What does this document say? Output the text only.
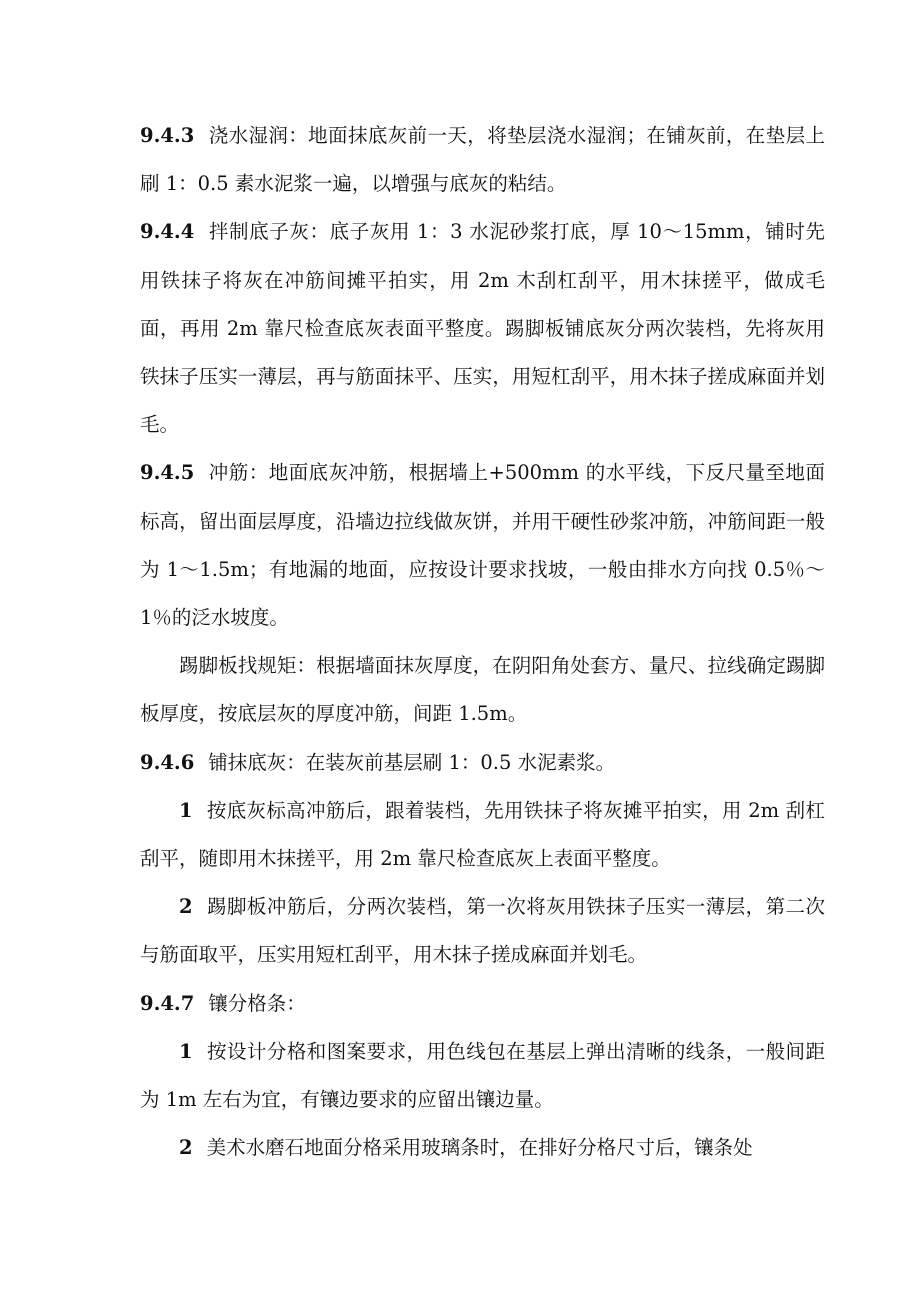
9.4.3 浇水湿润：地面抹底灰前一天，将垫层浇水湿润；在铺灰前，在垫层上刷 1：0.5 素水泥浆一遍，以增强与底灰的粘结。

9.4.4 拌制底子灰：底子灰用 1：3 水泥砂浆打底，厚 10～15mm，铺时先用铁抹子将灰在冲筋间摊平拍实，用 2m 木刮杠刮平，用木抹搓平，做成毛面，再用 2m 靠尺检查底灰表面平整度。踢脚板铺底灰分两次装档，先将灰用铁抹子压实一薄层，再与筋面抹平、压实，用短杠刮平，用木抹子搓成麻面并划毛。

9.4.5 冲筋：地面底灰冲筋，根据墙上+500mm 的水平线，下反尺量至地面标高，留出面层厚度，沿墙边拉线做灰饼，并用干硬性砂浆冲筋，冲筋间距一般为 1～1.5m；有地漏的地面，应按设计要求找坡，一般由排水方向找 0.5％～1％的泛水坡度。

踢脚板找规矩：根据墙面抹灰厚度，在阴阳角处套方、量尺、拉线确定踢脚板厚度，按底层灰的厚度冲筋，间距 1.5m。

9.4.6 铺抹底灰：在装灰前基层刷 1：0.5 水泥素浆。

1 按底灰标高冲筋后，跟着装档，先用铁抹子将灰摊平拍实，用 2m 刮杠刮平，随即用木抹搓平，用 2m 靠尺检查底灰上表面平整度。

2 踢脚板冲筋后，分两次装档，第一次将灰用铁抹子压实一薄层，第二次与筋面取平，压实用短杠刮平，用木抹子搓成麻面并划毛。

9.4.7 镶分格条：

1 按设计分格和图案要求，用色线包在基层上弹出清晰的线条，一般间距为 1m 左右为宜，有镶边要求的应留出镶边量。

2 美术水磨石地面分格采用玻璃条时，在排好分格尺寸后，镶条处
